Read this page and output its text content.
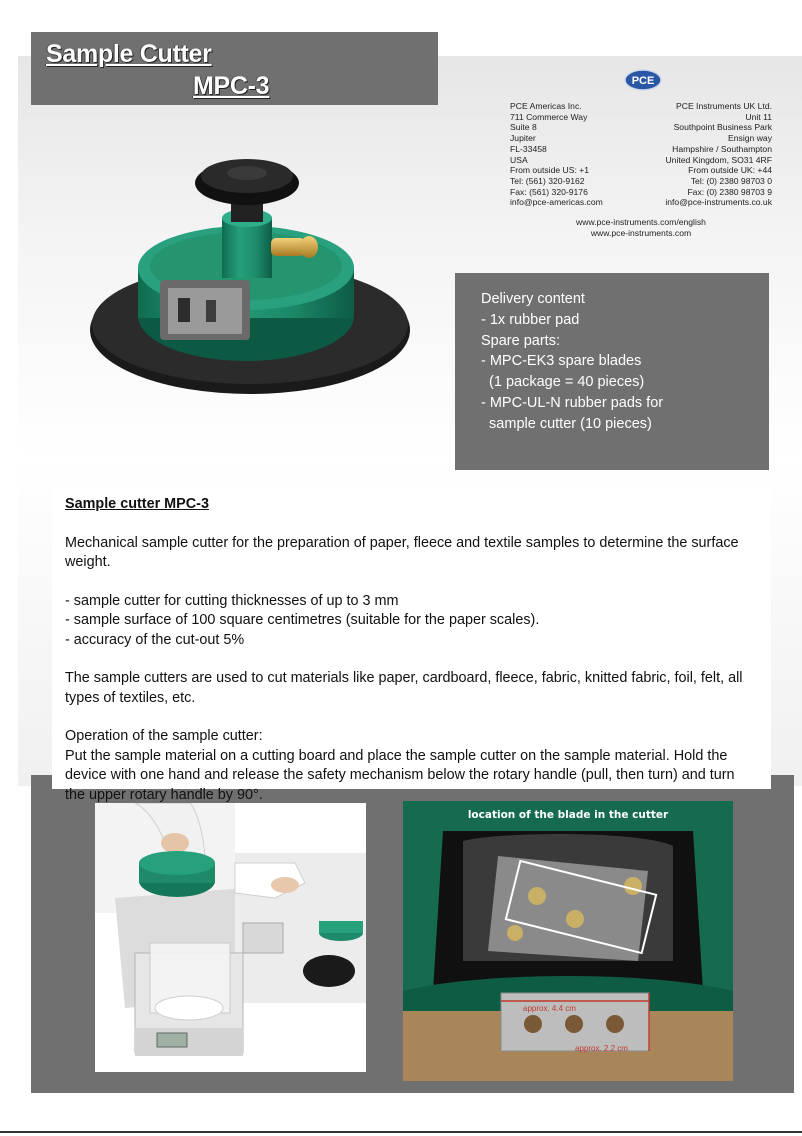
Sample Cutter
MPC-3	PCE
PCE Americas Inc.
711 Commerce Way
Suite 8
Jupiter
FL-33458
USA
From outside US: +1
Tel: (561) 320-9162
Fax: (561) 320-9176
info@pce-americas.com
PCE Instruments UK Ltd.
Unit 11
Southpoint Business Park
Ensign way
Hampshire / Southampton
United Kingdom, SO31 4RF
From outside UK: +44
Tel: (0) 2380 98703 0
Fax: (0) 2380 98703 9
info@pce-instruments.co.uk
www.pce-instruments.com/english
www.pce-instruments.com

Delivery content

- 1x rubber pad

Spare parts:

- MPC-EK3 spare blades

(1 package = 40 pieces)

- MPC-UL-N rubber pads for

sample cutter (10 pieces)

Sample cutter MPC-3

Mechanical sample cutter for the preparation of paper, fleece and textile samples to determine the surface weight.

- sample cutter for cutting thicknesses of up to 3 mm

- sample surface of 100 square centimetres (suitable for the paper scales).

- accuracy of the cut-out 5%

The sample cutters are used to cut materials like paper, cardboard, fleece, fabric, knitted fabric, foil, felt, all types of textiles, etc.

Operation of the sample cutter:

Put the sample material on a cutting board and place the sample cutter on the sample material. Hold the device with one hand and release the safety mechanism below the rotary handle (pull, then turn) and turn the upper rotary handle by 90°.

location of the blade in the cutter
approx. 4.4 cm
approx. 2.2 cm
